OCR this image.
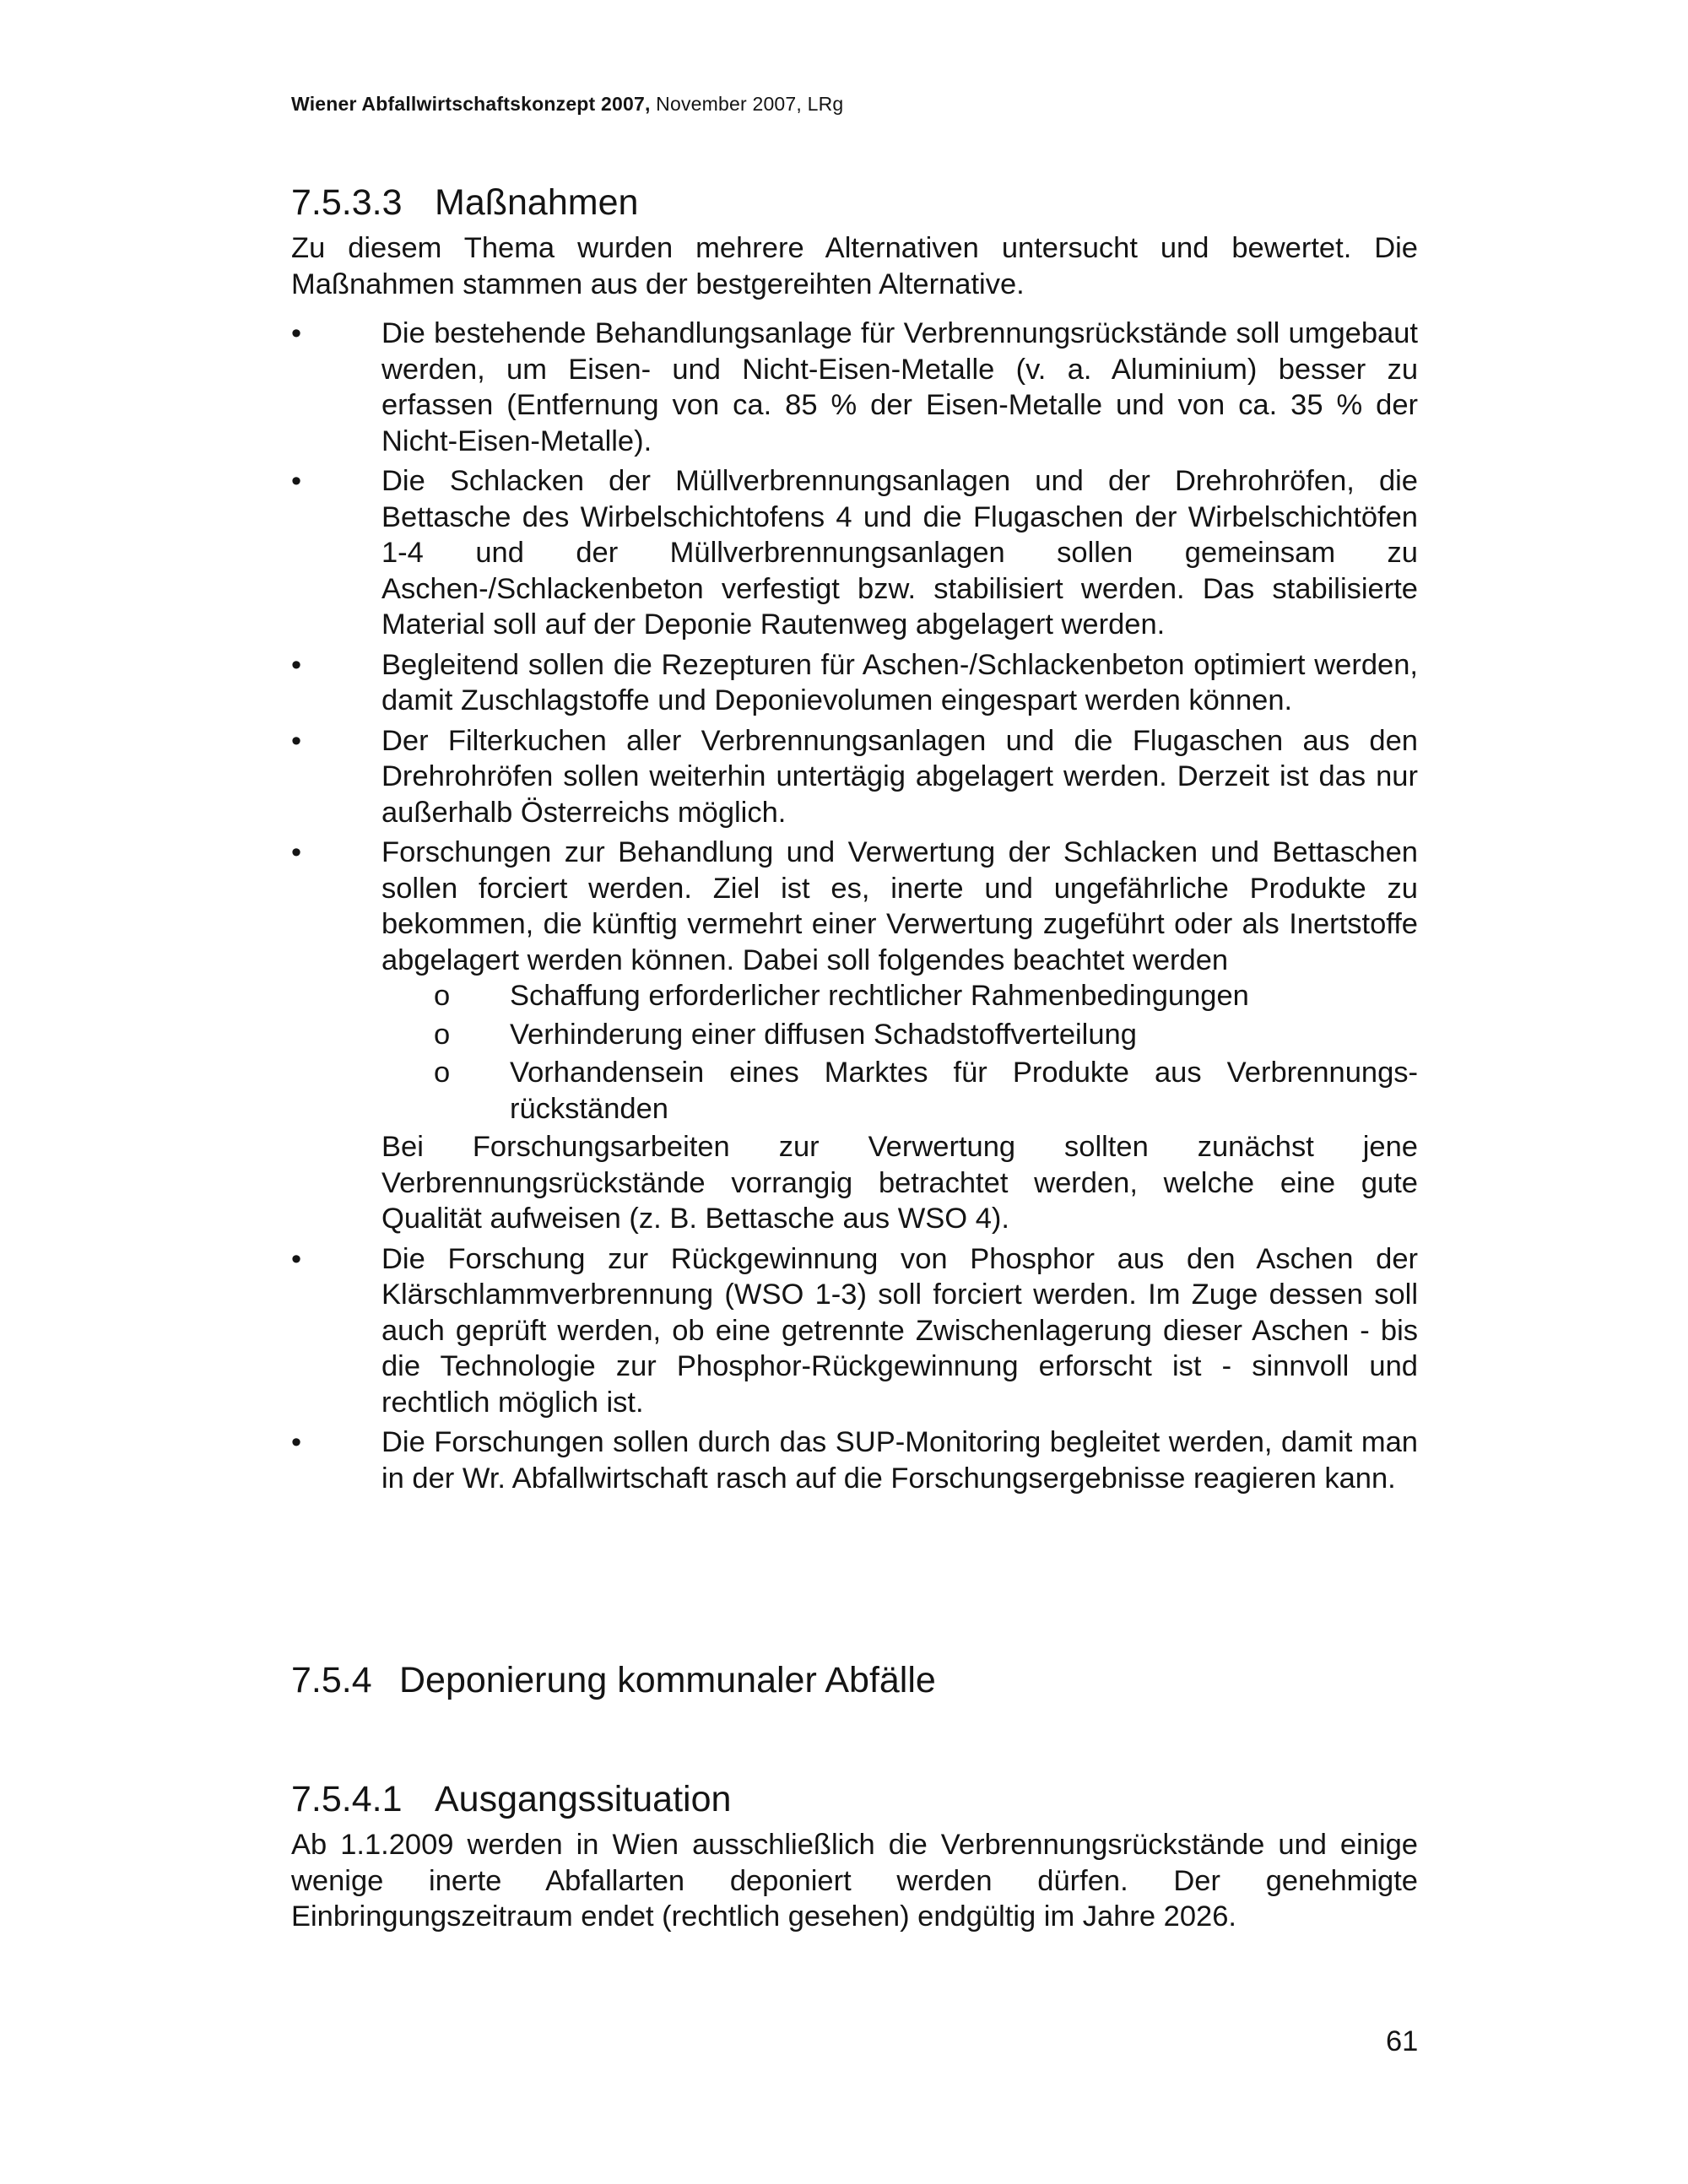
Wiener Abfallwirtschaftskonzept 2007, November 2007, LRg
7.5.3.3 Maßnahmen

Zu diesem Thema wurden mehrere Alternativen untersucht und bewertet. Die Maßnahmen stammen aus der bestgereihten Alternative.

•	Die bestehende Behandlungsanlage für Verbrennungsrückstände soll umgebaut werden, um Eisen- und Nicht-Eisen-Metalle (v. a. Aluminium) besser zu erfassen (Entfernung von ca. 85 % der Eisen-Metalle und von ca. 35 % der Nicht-Eisen-Metalle).
•	Die Schlacken der Müllverbrennungsanlagen und der Drehrohröfen, die Bettasche des Wirbelschichtofens 4 und die Flugaschen der Wirbelschichtöfen 1-4 und der Müllverbrennungsanlagen sollen gemeinsam zu Aschen-/Schlackenbeton verfestigt bzw. stabilisiert werden. Das stabilisierte Material soll auf der Deponie Rautenweg abgelagert werden.
•	Begleitend sollen die Rezepturen für Aschen-/Schlackenbeton optimiert werden, damit Zuschlagstoffe und Deponievolumen eingespart werden können.
•	Der Filterkuchen aller Verbrennungsanlagen und die Flugaschen aus den Drehrohröfen sollen weiterhin untertägig abgelagert werden. Derzeit ist das nur außerhalb Österreichs möglich.
•	Forschungen zur Behandlung und Verwertung der Schlacken und Bettaschen sollen forciert werden. Ziel ist es, inerte und ungefährliche Produkte zu bekommen, die künftig vermehrt einer Verwertung zugeführt oder als Inertstoffe abgelagert werden können. Dabei soll folgendes beachtet werden
o	Schaffung erforderlicher rechtlicher Rahmenbedingungen
o	Verhinderung einer diffusen Schadstoffverteilung
o	Vorhandensein eines Marktes für Produkte aus Verbrennungs-rückständen
Bei Forschungsarbeiten zur Verwertung sollten zunächst jene Verbrennungsrückstände vorrangig betrachtet werden, welche eine gute Qualität aufweisen (z. B. Bettasche aus WSO 4).
•	Die Forschung zur Rückgewinnung von Phosphor aus den Aschen der Klärschlammverbrennung (WSO 1-3) soll forciert werden. Im Zuge dessen soll auch geprüft werden, ob eine getrennte Zwischenlagerung dieser Aschen - bis die Technologie zur Phosphor-Rückgewinnung erforscht ist - sinnvoll und rechtlich möglich ist.
•	Die Forschungen sollen durch das SUP-Monitoring begleitet werden, damit man in der Wr. Abfallwirtschaft rasch auf die Forschungsergebnisse reagieren kann.
7.5.4 Deponierung kommunaler Abfälle
7.5.4.1 Ausgangssituation

Ab 1.1.2009 werden in Wien ausschließlich die Verbrennungsrückstände und einige wenige inerte Abfallarten deponiert werden dürfen. Der genehmigte Einbringungszeitraum endet (rechtlich gesehen) endgültig im Jahre 2026.

61
